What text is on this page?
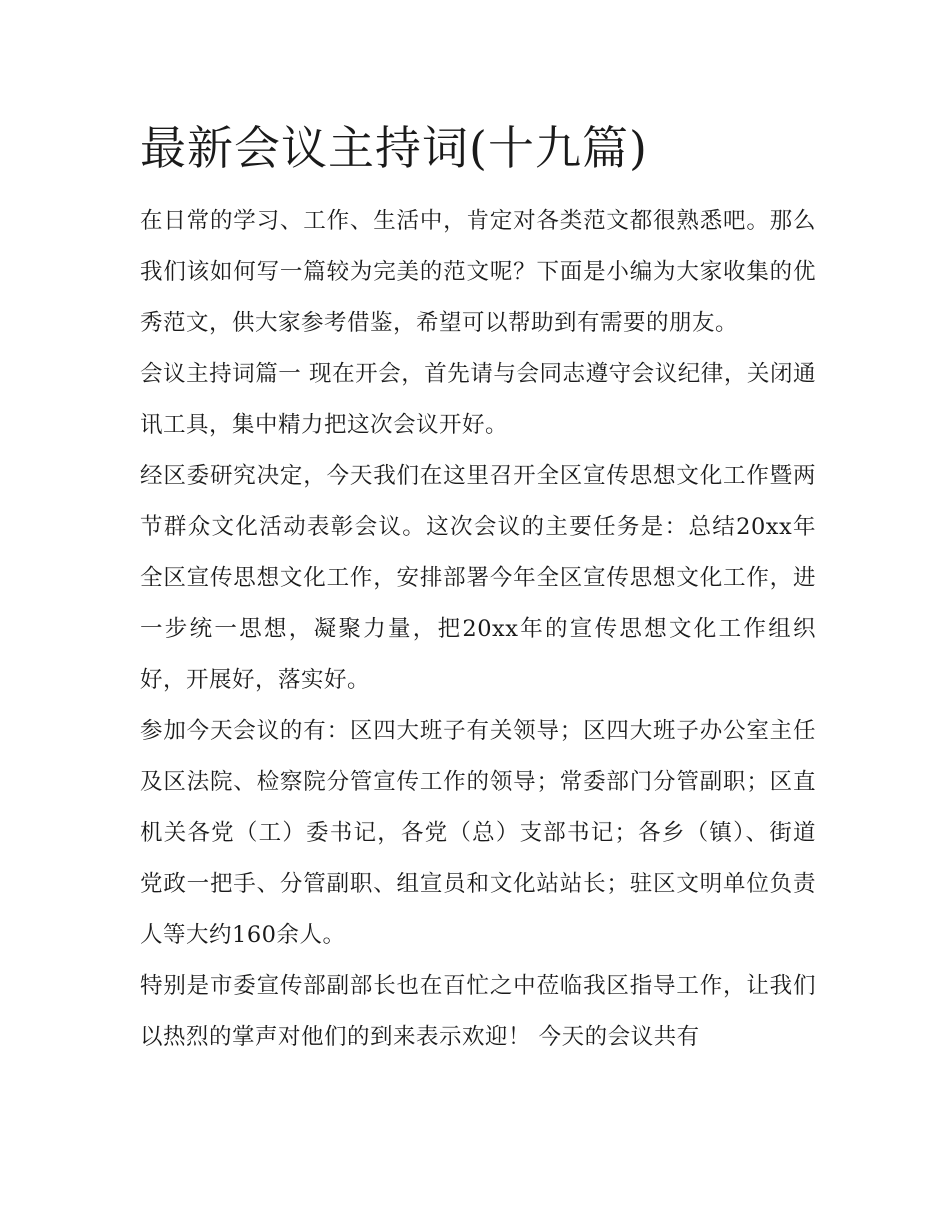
最新会议主持词(十九篇)

在日常的学习、工作、生活中，肯定对各类范文都很熟悉吧。那么我们该如何写一篇较为完美的范文呢？下面是小编为大家收集的优秀范文，供大家参考借鉴，希望可以帮助到有需要的朋友。

会议主持词篇一 现在开会，首先请与会同志遵守会议纪律，关闭通讯工具，集中精力把这次会议开好。

经区委研究决定，今天我们在这里召开全区宣传思想文化工作暨两节群众文化活动表彰会议。这次会议的主要任务是：总结20xx年全区宣传思想文化工作，安排部署今年全区宣传思想文化工作，进一步统一思想，凝聚力量，把20xx年的宣传思想文化工作组织好，开展好，落实好。

参加今天会议的有：区四大班子有关领导；区四大班子办公室主任及区法院、检察院分管宣传工作的领导；常委部门分管副职；区直机关各党（工）委书记，各党（总）支部书记；各乡（镇）、街道党政一把手、分管副职、组宣员和文化站站长；驻区文明单位负责人等大约160余人。

特别是市委宣传部副部长也在百忙之中莅临我区指导工作，让我们以热烈的掌声对他们的到来表示欢迎！ 今天的会议共有
